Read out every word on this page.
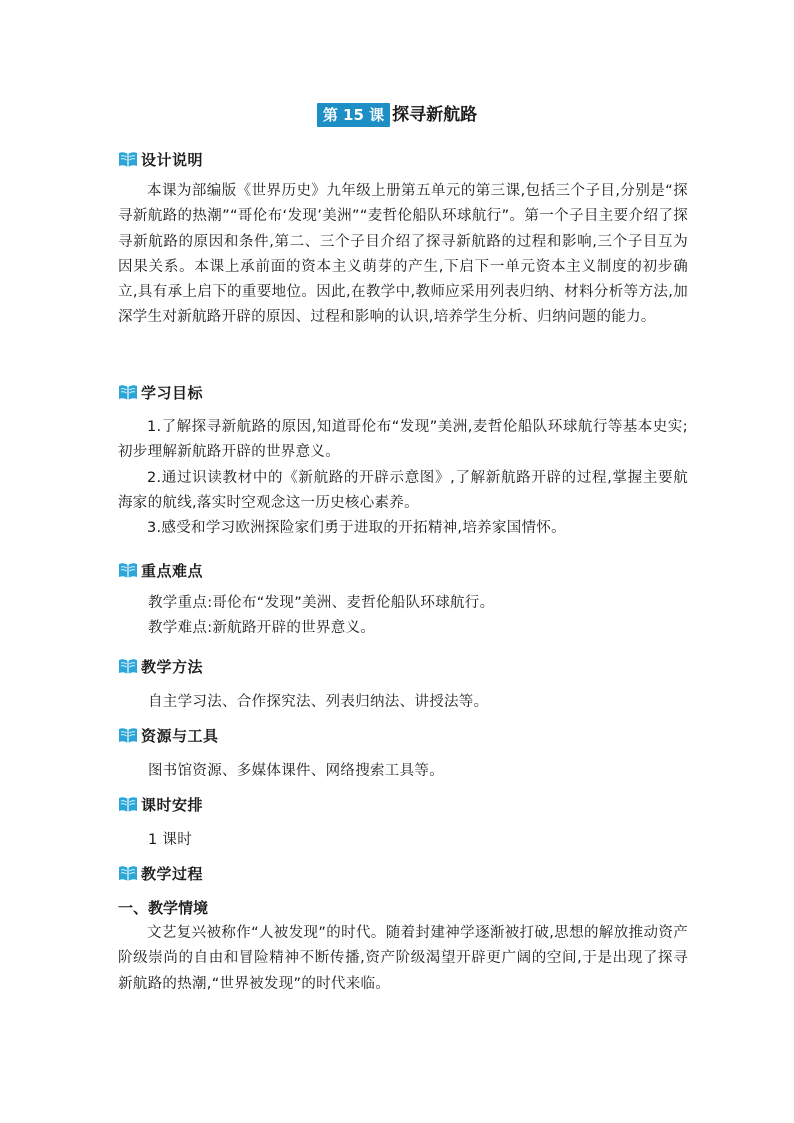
第 15 课 探寻新航路
设计说明

本课为部编版《世界历史》九年级上册第五单元的第三课,包括三个子目,分别是“探寻新航路的热潮”“哥伦布‘发现’美洲”“麦哲伦船队环球航行”。第一个子目主要介绍了探寻新航路的原因和条件,第二、三个子目介绍了探寻新航路的过程和影响,三个子目互为因果关系。本课上承前面的资本主义萌芽的产生,下启下一单元资本主义制度的初步确立,具有承上启下的重要地位。因此,在教学中,教师应采用列表归纳、材料分析等方法,加深学生对新航路开辟的原因、过程和影响的认识,培养学生分析、归纳问题的能力。

学习目标

1.了解探寻新航路的原因,知道哥伦布“发现”美洲,麦哲伦船队环球航行等基本史实;初步理解新航路开辟的世界意义。

2.通过识读教材中的《新航路的开辟示意图》,了解新航路开辟的过程,掌握主要航海家的航线,落实时空观念这一历史核心素养。

3.感受和学习欧洲探险家们勇于进取的开拓精神,培养家国情怀。

重点难点

教学重点:哥伦布“发现”美洲、麦哲伦船队环球航行。

教学难点:新航路开辟的世界意义。

教学方法

自主学习法、合作探究法、列表归纳法、讲授法等。

资源与工具

图书馆资源、多媒体课件、网络搜索工具等。

课时安排

1 课时

教学过程

一、教学情境

文艺复兴被称作“人被发现”的时代。随着封建神学逐渐被打破,思想的解放推动资产阶级崇尚的自由和冒险精神不断传播,资产阶级渴望开辟更广阔的空间,于是出现了探寻新航路的热潮,“世界被发现”的时代来临。
